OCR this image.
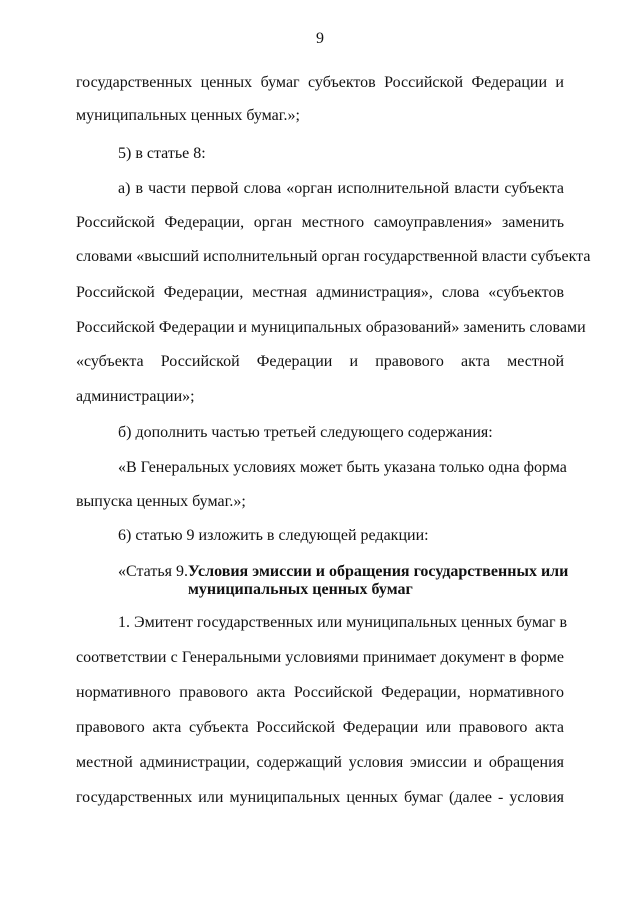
9
государственных ценных бумаг субъектов Российской Федерации и
муниципальных ценных бумаг.»;
5) в статье 8:
а) в части первой слова «орган исполнительной власти субъекта
Российской Федерации, орган местного самоуправления» заменить
словами «высший исполнительный орган государственной власти субъекта
Российской Федерации, местная администрация», слова «субъектов
Российской Федерации и муниципальных образований» заменить словами
«субъекта Российской Федерации и правового акта местной
администрации»;
б) дополнить частью третьей следующего содержания:
«В Генеральных условиях может быть указана только одна форма
выпуска ценных бумаг.»;
6) статью 9 изложить в следующей редакции:
«Статья 9. Условия эмиссии и обращения государственных или
муниципальных ценных бумаг
1. Эмитент государственных или муниципальных ценных бумаг в
соответствии с Генеральными условиями принимает документ в форме
нормативного правового акта Российской Федерации, нормативного
правового акта субъекта Российской Федерации или правового акта
местной администрации, содержащий условия эмиссии и обращения
государственных или муниципальных ценных бумаг (далее - условия
